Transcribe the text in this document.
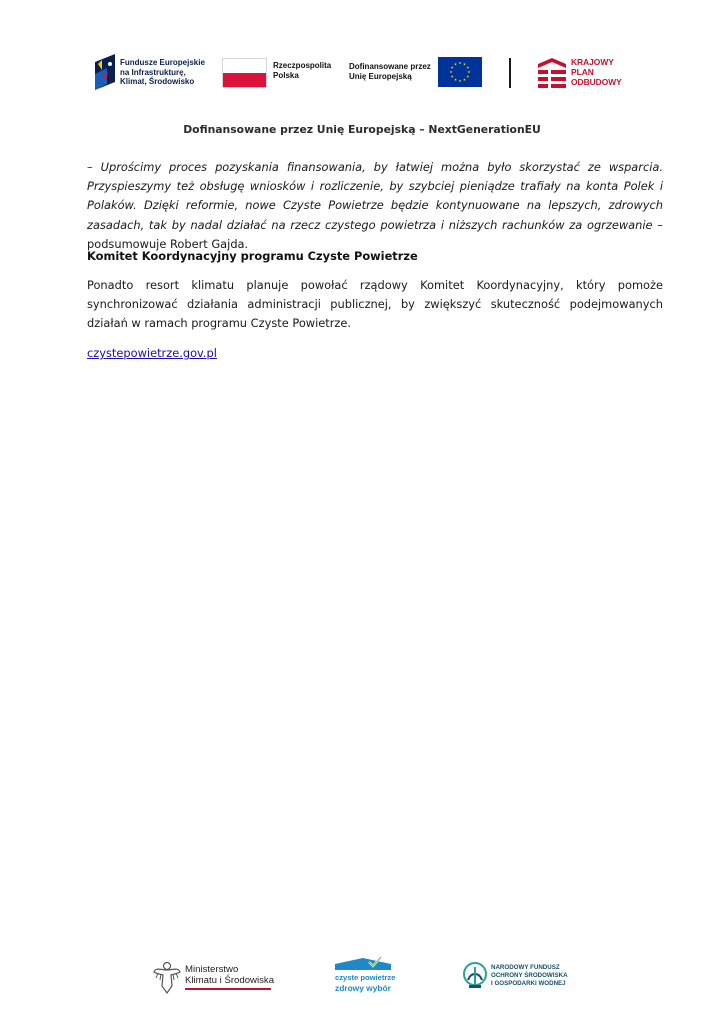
Fundusze Europejskie
na Infrastrukturę,
Klimat, Środowisko
Rzeczpospolita
Polska
Dofinansowane przez
Unię Europejską
KRAJOWY
PLAN
ODBUDOWY
Dofinansowane przez Unię Europejską – NextGenerationEU
– Uprościmy proces pozyskania finansowania, by łatwiej można było skorzystać ze wsparcia. Przyspieszymy też obsługę wniosków i rozliczenie, by szybciej pieniądze trafiały na konta Polek i Polaków. Dzięki reformie, nowe Czyste Powietrze będzie kontynuowane na lepszych, zdrowych zasadach, tak by nadal działać na rzecz czystego powietrza i niższych rachunków za ogrzewanie – podsumowuje Robert Gajda.
Komitet Koordynacyjny programu Czyste Powietrze
Ponadto resort klimatu planuje powołać rządowy Komitet Koordynacyjny, który pomoże synchronizować działania administracji publicznej, by zwiększyć skuteczność podejmowanych działań w ramach programu Czyste Powietrze.
czystepowietrze.gov.pl
Ministerstwo
Klimatu i Środowiska	czyste powietrze
zdrowy wybór
NARODOWY FUNDUSZ
OCHRONY ŚRODOWISKA
I GOSPODARKI WODNEJ
